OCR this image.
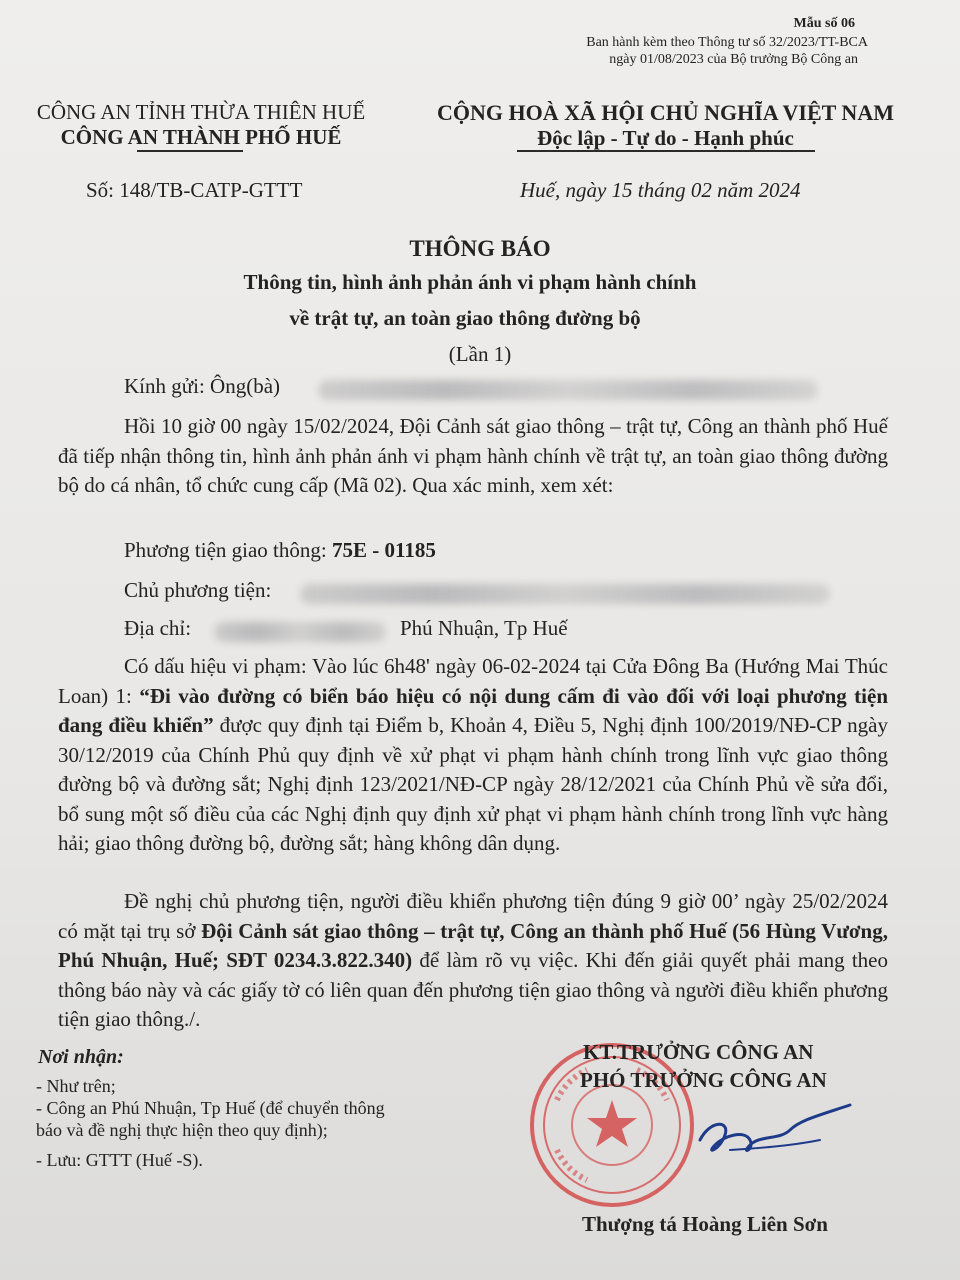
Mẫu số 06
Ban hành kèm theo Thông tư số 32/2023/TT-BCA
ngày 01/08/2023 của Bộ trưởng Bộ Công an
CÔNG AN TỈNH THỪA THIÊN HUẾ
CÔNG AN THÀNH PHỐ HUẾ
CỘNG HOÀ XÃ HỘI CHỦ NGHĨA VIỆT NAM
Độc lập - Tự do - Hạnh phúc
Số: 148/TB-CATP-GTTT	Huế, ngày 15 tháng 02 năm 2024
THÔNG BÁO
Thông tin, hình ảnh phản ánh vi phạm hành chính
về trật tự, an toàn giao thông đường bộ
(Lần 1)
Kính gửi: Ông(bà)

Hồi 10 giờ 00 ngày 15/02/2024, Đội Cảnh sát giao thông – trật tự, Công an thành phố Huế đã tiếp nhận thông tin, hình ảnh phản ánh vi phạm hành chính về trật tự, an toàn giao thông đường bộ do cá nhân, tổ chức cung cấp (Mã 02). Qua xác minh, xem xét:

Phương tiện giao thông: 75E - 01185
Chủ phương tiện:
Địa chỉ:	Phú Nhuận, Tp Huế

Có dấu hiệu vi phạm: Vào lúc 6h48' ngày 06-02-2024 tại Cửa Đông Ba (Hướng Mai Thúc Loan) 1: “Đi vào đường có biển báo hiệu có nội dung cấm đi vào đối với loại phương tiện đang điều khiển” được quy định tại Điểm b, Khoản 4, Điều 5, Nghị định 100/2019/NĐ-CP ngày 30/12/2019 của Chính Phủ quy định về xử phạt vi phạm hành chính trong lĩnh vực giao thông đường bộ và đường sắt; Nghị định 123/2021/NĐ-CP ngày 28/12/2021 của Chính Phủ về sửa đổi, bổ sung một số điều của các Nghị định quy định xử phạt vi phạm hành chính trong lĩnh vực hàng hải; giao thông đường bộ, đường sắt; hàng không dân dụng.

Đề nghị chủ phương tiện, người điều khiển phương tiện đúng 9 giờ 00’ ngày 25/02/2024 có mặt tại trụ sở Đội Cảnh sát giao thông – trật tự, Công an thành phố Huế (56 Hùng Vương, Phú Nhuận, Huế; SĐT 0234.3.822.340) để làm rõ vụ việc. Khi đến giải quyết phải mang theo thông báo này và các giấy tờ có liên quan đến phương tiện giao thông và người điều khiển phương tiện giao thông./.

Nơi nhận:
- Như trên;
- Công an Phú Nhuận, Tp Huế (để chuyển thông
báo và đề nghị thực hiện theo quy định);
- Lưu: GTTT (Huế -S).
KT.TRƯỞNG CÔNG AN
PHÓ TRƯỞNG CÔNG AN
Thượng tá Hoàng Liên Sơn
